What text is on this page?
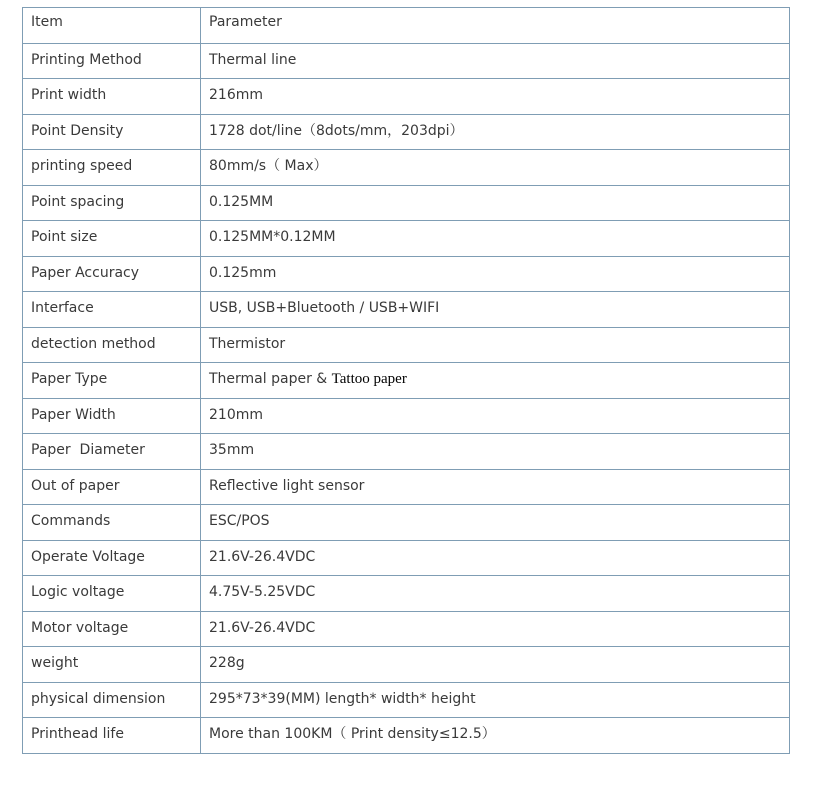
Item	Parameter

Printing Method	Thermal line

Print width	216mm

Point Density	1728 dot/line（8dots/mm，203dpi）

printing speed	80mm/s（ Max）

Point spacing	0.125MM

Point size	0.125MM*0.12MM

Paper Accuracy	0.125mm

Interface	USB, USB+Bluetooth / USB+WIFI

detection method	Thermistor

Paper Type	Thermal paper & Tattoo paper

Paper Width	210mm

Paper  Diameter	35mm

Out of paper	Reflective light sensor

Commands	ESC/POS

Operate Voltage	21.6V-26.4VDC

Logic voltage	4.75V-5.25VDC

Motor voltage	21.6V-26.4VDC

weight	228g

physical dimension	295*73*39(MM) length* width* height

Printhead life	More than 100KM（ Print density≤12.5）
